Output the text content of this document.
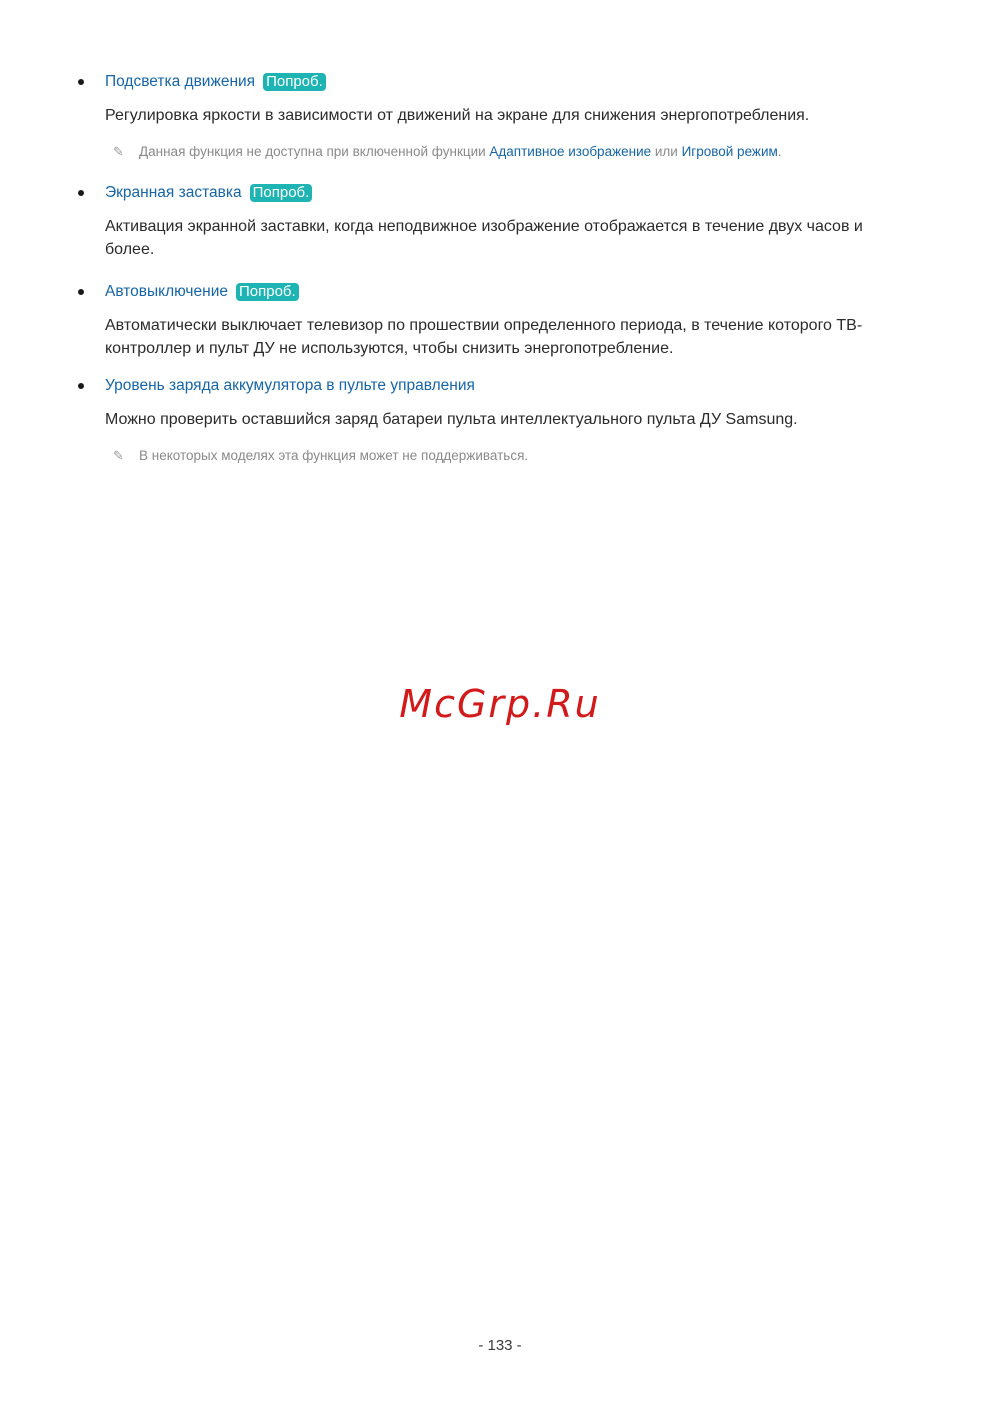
Подсветка движения Попроб.
Регулировка яркости в зависимости от движений на экране для снижения энергопотребления.
✎ Данная функция не доступна при включенной функции Адаптивное изображение или Игровой режим.
Экранная заставка Попроб.
Активация экранной заставки, когда неподвижное изображение отображается в течение двух часов и
более.
Автовыключение Попроб.
Автоматически выключает телевизор по прошествии определенного периода, в течение которого ТВ-
контроллер и пульт ДУ не используются, чтобы снизить энергопотребление.
Уровень заряда аккумулятора в пульте управления
Можно проверить оставшийся заряд батареи пульта интеллектуального пульта ДУ Samsung.
✎ В некоторых моделях эта функция может не поддерживаться.
McGrp.Ru
- 133 -
